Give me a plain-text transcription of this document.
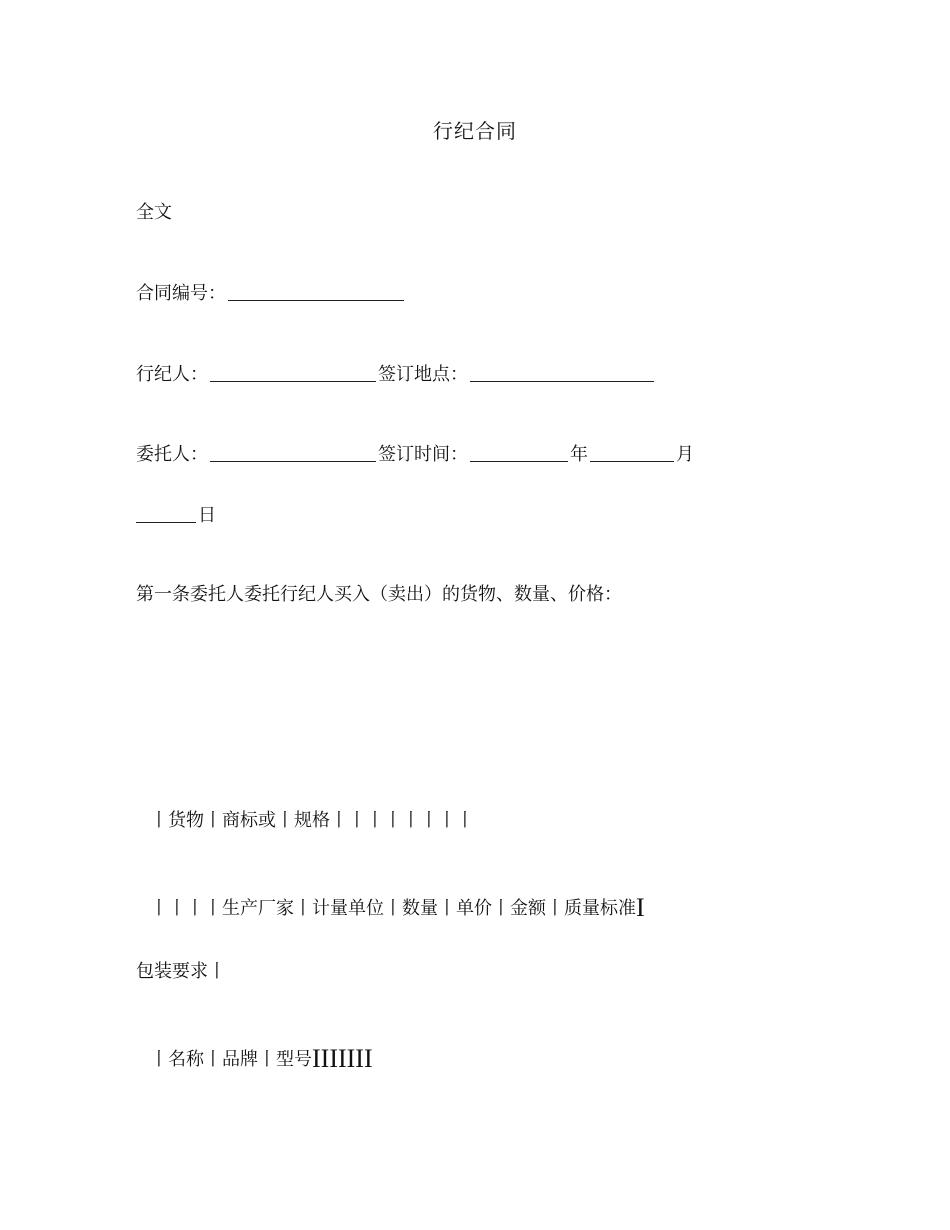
行纪合同
全文
合同编号：
行纪人：	签订地点：
委托人：	签订时间：	年	月
日
第一条委托人委托行纪人买入（卖出）的货物、数量、价格：
丨货物丨商标或丨规格丨丨丨丨丨丨丨丨
丨丨丨丨生产厂家丨计量单位丨数量丨单价丨金额丨质量标准I
包装要求丨
丨名称丨品牌丨型号IIIIIII
